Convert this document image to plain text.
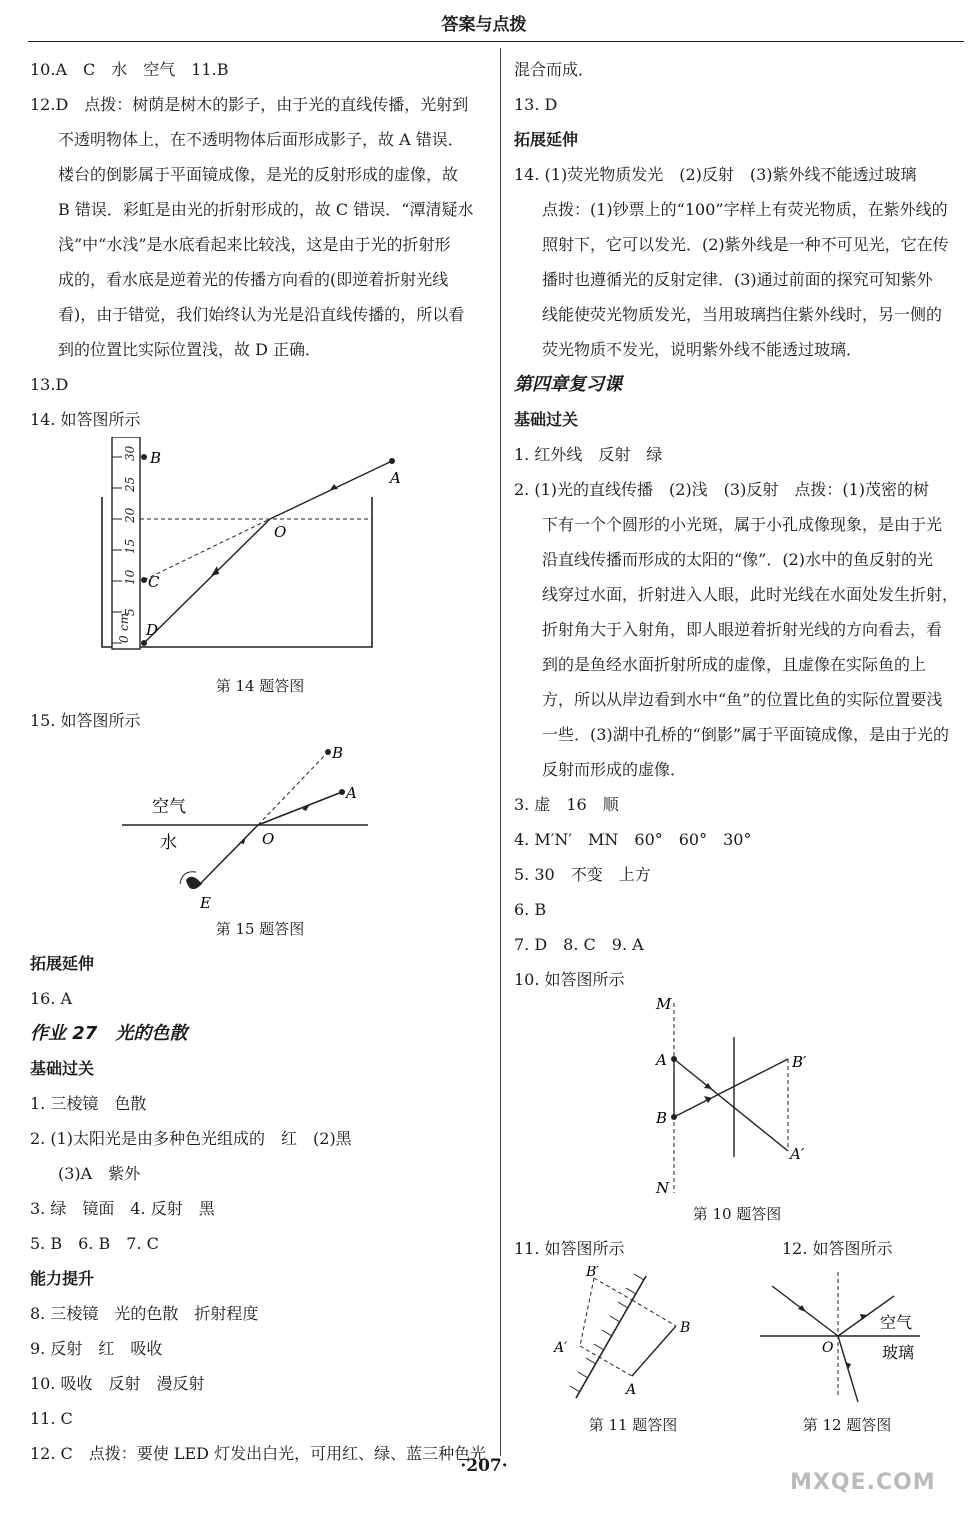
答案与点拨
10.A　C　水　空气　11.B
12.D　点拨：树荫是树木的影子，由于光的直线传播，光射到
不透明物体上，在不透明物体后面形成影子，故 A 错误．
楼台的倒影属于平面镜成像，是光的反射形成的虚像，故
B 错误．彩虹是由光的折射形成的，故 C 错误．“潭清疑水
浅”中“水浅”是水底看起来比较浅，这是由于光的折射形
成的，看水底是逆着光的传播方向看的(即逆着折射光线
看)，由于错觉，我们始终认为光是沿直线传播的，所以看
到的位置比实际位置浅，故 D 正确．
13.D
14. 如答图所示
30
25
20
15
10
5
0
cm
B
A
O
C
D
第 14 题答图
15. 如答图所示
B
A
O
E
空气
水
第 15 题答图
拓展延伸
16. A
作业 27　光的色散
基础过关
1. 三棱镜　色散
2. (1)太阳光是由多种色光组成的　红　(2)黑
(3)A　紫外
3. 绿　镜面　4. 反射　黑
5. B　6. B　7. C
能力提升
8. 三棱镜　光的色散　折射程度
9. 反射　红　吸收
10. 吸收　反射　漫反射
11. C
12. C　点拨：要使 LED 灯发出白光，可用红、绿、蓝三种色光
混合而成．
13. D
拓展延伸
14. (1)荧光物质发光　(2)反射　(3)紫外线不能透过玻璃
点拨：(1)钞票上的“100”字样上有荧光物质，在紫外线的
照射下，它可以发光．(2)紫外线是一种不可见光，它在传
播时也遵循光的反射定律．(3)通过前面的探究可知紫外
线能使荧光物质发光，当用玻璃挡住紫外线时，另一侧的
荧光物质不发光，说明紫外线不能透过玻璃．
第四章复习课
基础过关
1. 红外线　反射　绿
2. (1)光的直线传播　(2)浅　(3)反射　点拨：(1)茂密的树
下有一个个圆形的小光斑，属于小孔成像现象，是由于光
沿直线传播而形成的太阳的“像”．(2)水中的鱼反射的光
线穿过水面，折射进入人眼，此时光线在水面处发生折射，
折射角大于入射角，即人眼逆着折射光线的方向看去，看
到的是鱼经水面折射所成的虚像，且虚像在实际鱼的上
方，所以从岸边看到水中“鱼”的位置比鱼的实际位置要浅
一些．(3)湖中孔桥的“倒影”属于平面镜成像，是由于光的
反射而形成的虚像．
3. 虚　16　顺
4. M′N′　MN　60°　60°　30°
5. 30　不变　上方
6. B
7. D　8. C　9. A
10. 如答图所示
M
N
A
B
B′
A′
第 10 题答图
11. 如答图所示	12. 如答图所示
B′
A′
B
A
O
空气
玻璃
第 11 题答图	第 12 题答图
·207·
MXQE.COM
